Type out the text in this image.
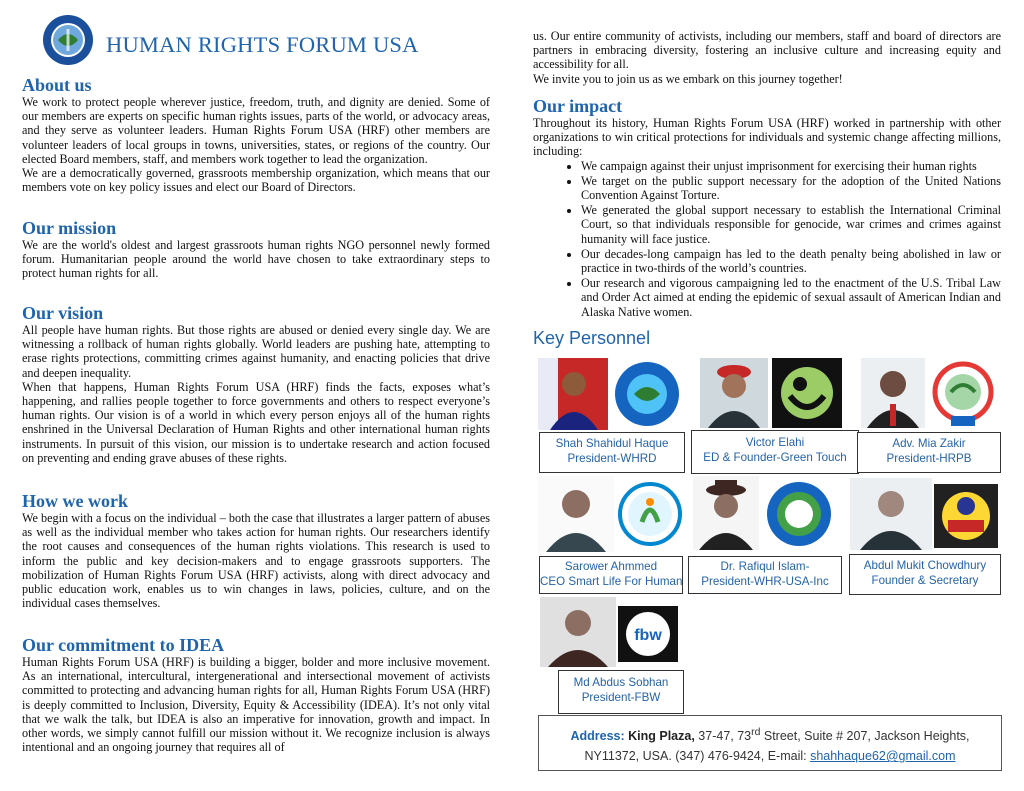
HUMAN RIGHTS FORUM USA
About us

We work to protect people wherever justice, freedom, truth, and dignity are denied. Some of our members are experts on specific human rights issues, parts of the world, or advocacy areas, and they serve as volunteer leaders. Human Rights Forum USA (HRF) other members are volunteer leaders of local groups in towns, universities, states, or regions of the country. Our elected Board members, staff, and members work together to lead the organization.

We are a democratically governed, grassroots membership organization, which means that our members vote on key policy issues and elect our Board of Directors.

Our mission

We are the world's oldest and largest grassroots human rights NGO personnel newly formed forum. Humanitarian people around the world have chosen to take extraordinary steps to protect human rights for all.

Our vision

All people have human rights. But those rights are abused or denied every single day. We are witnessing a rollback of human rights globally. World leaders are pushing hate, attempting to erase rights protections, committing crimes against humanity, and enacting policies that drive and deepen inequality.

When that happens, Human Rights Forum USA (HRF) finds the facts, exposes what’s happening, and rallies people together to force governments and others to respect everyone’s human rights. Our vision is of a world in which every person enjoys all of the human rights enshrined in the Universal Declaration of Human Rights and other international human rights instruments. In pursuit of this vision, our mission is to undertake research and action focused on preventing and ending grave abuses of these rights.

How we work

We begin with a focus on the individual – both the case that illustrates a larger pattern of abuses as well as the individual member who takes action for human rights. Our researchers identify the root causes and consequences of the human rights violations. This research is used to inform the public and key decision-makers and to engage grassroots supporters. The mobilization of Human Rights Forum USA (HRF) activists, along with direct advocacy and public education work, enables us to win changes in laws, policies, culture, and on the individual cases themselves.

Our commitment to IDEA

Human Rights Forum USA (HRF) is building a bigger, bolder and more inclusive movement. As an international, intercultural, intergenerational and intersectional movement of activists committed to protecting and advancing human rights for all, Human Rights Forum USA (HRF) is deeply committed to Inclusion, Diversity, Equity & Accessibility (IDEA). It’s not only vital that we walk the talk, but IDEA is also an imperative for innovation, growth and impact. In other words, we simply cannot fulfill our mission without it. We recognize inclusion is always intentional and an ongoing journey that requires all of

us. Our entire community of activists, including our members, staff and board of directors are partners in embracing diversity, fostering an inclusive culture and increasing equity and accessibility for all.

We invite you to join us as we embark on this journey together!

Our impact

Throughout its history, Human Rights Forum USA (HRF) worked in partnership with other organizations to win critical protections for individuals and systemic change affecting millions, including:

• We campaign against their unjust imprisonment for exercising their human rights
• We target on the public support necessary for the adoption of the United Nations Convention Against Torture.
• We generated the global support necessary to establish the International Criminal Court, so that individuals responsible for genocide, war crimes and crimes against humanity will face justice.
• Our decades-long campaign has led to the death penalty being abolished in law or practice in two-thirds of the world’s countries.
• Our research and vigorous campaigning led to the enactment of the U.S. Tribal Law and Order Act aimed at ending the epidemic of sexual assault of American Indian and Alaska Native women.
Key Personnel
Shah Shahidul Haque
President-WHRD
Victor Elahi
ED & Founder-Green Touch
Adv. Mia Zakir
President-HRPB
Sarower Ahmmed
CEO Smart Life For Human
Dr. Rafiqul Islam-
President-WHR-USA-Inc
Abdul Mukit Chowdhury
Founder & Secretary
fbw
Md Abdus Sobhan
President-FBW
Address: King Plaza, 37-47, 73rd Street, Suite # 207, Jackson Heights,
NY11372, USA. (347) 476-9424, E-mail: shahhaque62@gmail.com
